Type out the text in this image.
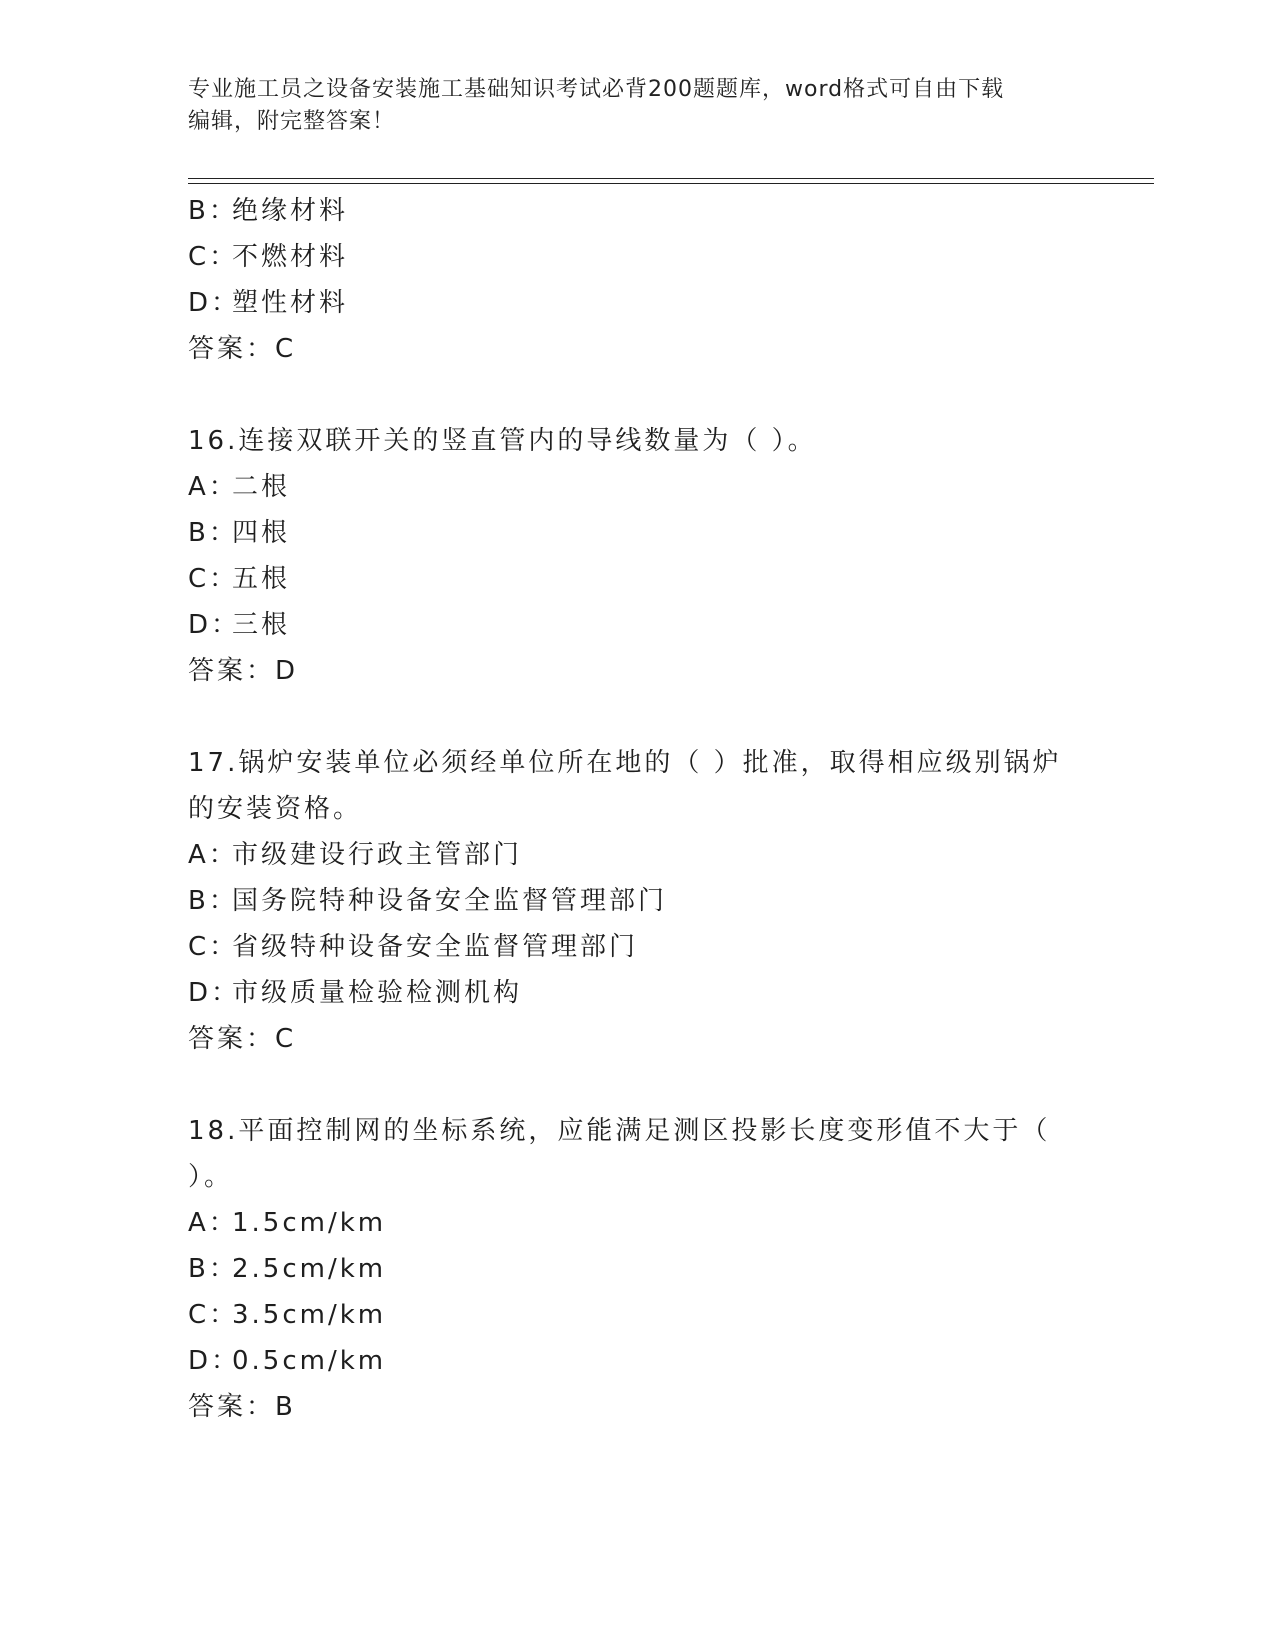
专业施工员之设备安装施工基础知识考试必背200题题库，word格式可自由下载
编辑，附完整答案！
B：绝缘材料
C：不燃材料
D：塑性材料
答案：C
16.连接双联开关的竖直管内的导线数量为（ ）。
A：二根
B：四根
C：五根
D：三根
答案：D
17.锅炉安装单位必须经单位所在地的（ ）批准，取得相应级别锅炉
的安装资格。
A：市级建设行政主管部门
B：国务院特种设备安全监督管理部门
C：省级特种设备安全监督管理部门
D：市级质量检验检测机构
答案：C
18.平面控制网的坐标系统，应能满足测区投影长度变形值不大于（
）。
A：1.5cm/km
B：2.5cm/km
C：3.5cm/km
D：0.5cm/km
答案：B
